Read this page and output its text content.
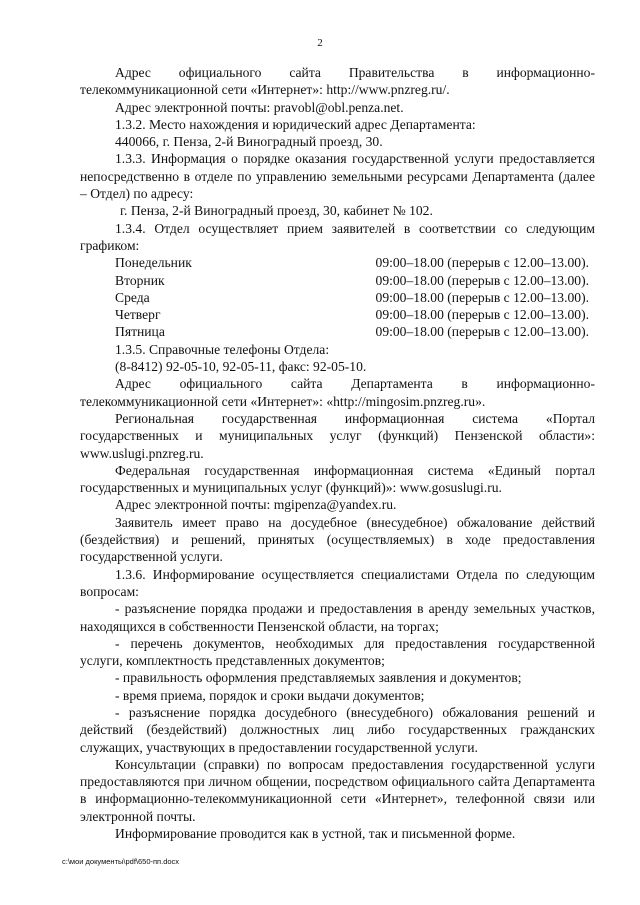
2

Адрес официального сайта Правительства в информационно-телекоммуникационной сети «Интернет»: http://www.pnzreg.ru/.

Адрес электронной почты: pravobl@obl.penza.net.

1.3.2. Место нахождения и юридический адрес Департамента:

440066, г. Пенза, 2-й Виноградный проезд, 30.

1.3.3. Информация о порядке оказания государственной услуги предоставляется непосредственно в отделе по управлению земельными ресурсами Департамента (далее – Отдел) по адресу:

г. Пенза, 2-й Виноградный проезд, 30, кабинет № 102.

1.3.4. Отдел осуществляет прием заявителей в соответствии со следующим графиком:

Понедельник	09:00–18.00 (перерыв с 12.00–13.00).
Вторник	09:00–18.00 (перерыв с 12.00–13.00).
Среда	09:00–18.00 (перерыв с 12.00–13.00).
Четверг	09:00–18.00 (перерыв с 12.00–13.00).
Пятница	09:00–18.00 (перерыв с 12.00–13.00).

1.3.5. Справочные телефоны Отдела:

(8-8412) 92-05-10, 92-05-11, факс: 92-05-10.

Адрес официального сайта Департамента в информационно-телекоммуникационной сети «Интернет»: «http://mingosim.pnzreg.ru».

Региональная государственная информационная система «Портал государственных и муниципальных услуг (функций) Пензенской области»: www.uslugi.pnzreg.ru.

Федеральная государственная информационная система «Единый портал государственных и муниципальных услуг (функций)»: www.gosuslugi.ru.

Адрес электронной почты: mgipenza@yandex.ru.

Заявитель имеет право на досудебное (внесудебное) обжалование действий (бездействия) и решений, принятых (осуществляемых) в ходе предоставления государственной услуги.

1.3.6. Информирование осуществляется специалистами Отдела по следующим вопросам:

- разъяснение порядка продажи и предоставления в аренду земельных участков, находящихся в собственности Пензенской области, на торгах;

- перечень документов, необходимых для предоставления государственной услуги, комплектность представленных документов;

- правильность оформления представляемых заявления и документов;

- время приема, порядок и сроки выдачи документов;

- разъяснение порядка досудебного (внесудебного) обжалования решений и действий (бездействий) должностных лиц либо государственных гражданских служащих, участвующих в предоставлении государственной услуги.

Консультации (справки) по вопросам предоставления государственной услуги предоставляются при личном общении, посредством официального сайта Департамента в информационно-телекоммуникационной сети «Интернет», телефонной связи или электронной почты.

Информирование проводится как в устной, так и письменной форме.

c:\мои документы\pdf\650-пп.docx
